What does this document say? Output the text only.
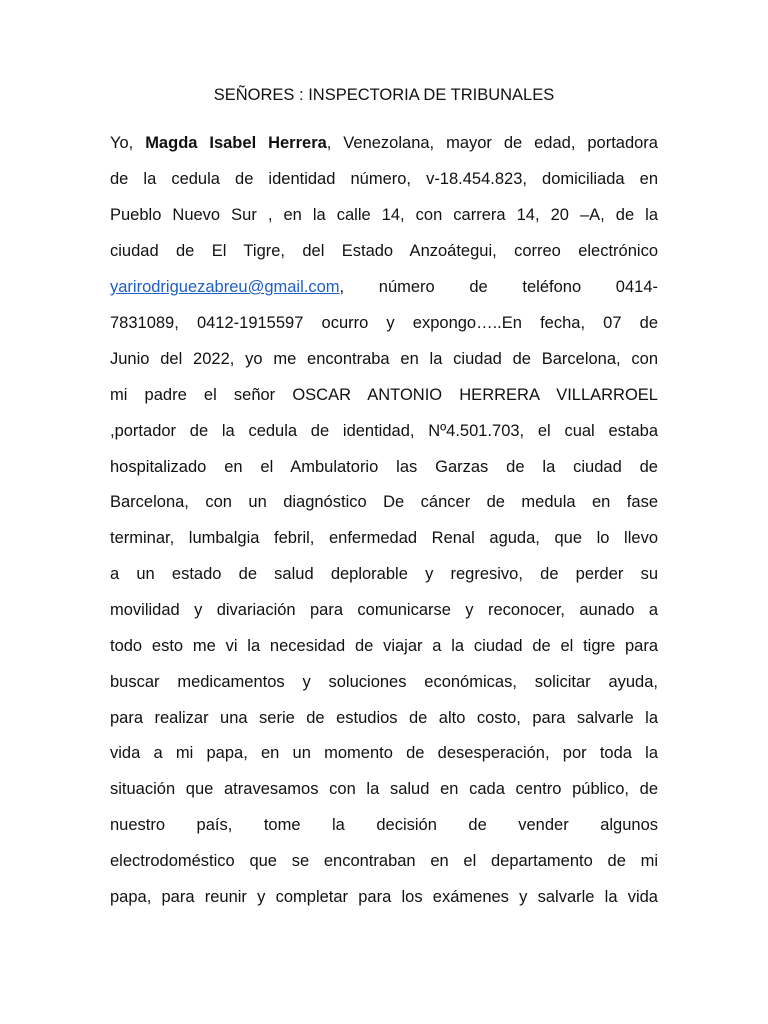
SEÑORES : INSPECTORIA DE TRIBUNALES
Yo, Magda Isabel Herrera, Venezolana, mayor de edad, portadora
de la cedula de identidad número, v-18.454.823, domiciliada en
Pueblo Nuevo Sur , en la calle 14, con carrera 14, 20 –A, de la
ciudad de El Tigre, del Estado Anzoátegui, correo electrónico
yarirodriguezabreu@gmail.com, número de teléfono 0414-
7831089, 0412-1915597 ocurro y expongo…..En fecha, 07 de
Junio del 2022, yo me encontraba en la ciudad de Barcelona, con
mi padre el señor OSCAR ANTONIO HERRERA VILLARROEL
,portador de la cedula de identidad, Nº4.501.703, el cual estaba
hospitalizado en el Ambulatorio las Garzas de la ciudad de
Barcelona, con un diagnóstico De cáncer de medula en fase
terminar, lumbalgia febril, enfermedad Renal aguda, que lo llevo
a un estado de salud deplorable y regresivo, de perder su
movilidad y divariación para comunicarse y reconocer, aunado a
todo esto me vi la necesidad de viajar a la ciudad de el tigre para
buscar medicamentos y soluciones económicas, solicitar ayuda,
para realizar una serie de estudios de alto costo, para salvarle la
vida a mi papa, en un momento de desesperación, por toda la
situación que atravesamos con la salud en cada centro público, de
nuestro país, tome la decisión de vender algunos
electrodoméstico que se encontraban en el departamento de mi
papa, para reunir y completar para los exámenes y salvarle la vida
